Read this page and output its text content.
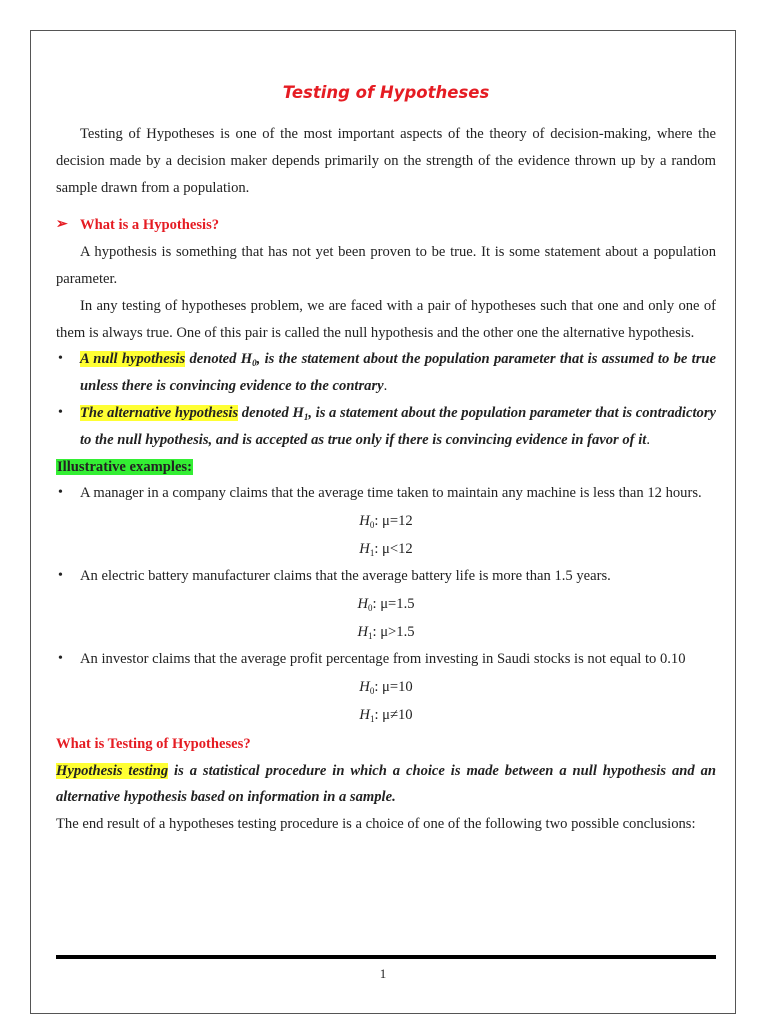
Testing of Hypotheses

Testing of Hypotheses is one of the most important aspects of the theory of decision-making, where the decision made by a decision maker depends primarily on the strength of the evidence thrown up by a random sample drawn from a population.

➢ What is a Hypothesis?

A hypothesis is something that has not yet been proven to be true. It is some statement about a population parameter.

In any testing of hypotheses problem, we are faced with a pair of hypotheses such that one and only one of them is always true. One of this pair is called the null hypothesis and the other one the alternative hypothesis.

• A null hypothesis denoted $H_0$, is the statement about the population parameter that is assumed to be true unless there is convincing evidence to the contrary.
• The alternative hypothesis denoted $H_1$, is a statement about the population parameter that is contradictory to the null hypothesis, and is accepted as true only if there is convincing evidence in favor of it.
Illustrative examples:
• A manager in a company claims that the average time taken to maintain any machine is less than 12 hours.
$H_0$: μ=12
$H_1$: μ<12
• An electric battery manufacturer claims that the average battery life is more than 1.5 years.
$H_0$: μ=1.5
$H_1$: μ>1.5
• An investor claims that the average profit percentage from investing in Saudi stocks is not equal to 0.10
$H_0$: μ=10
$H_1$: μ≠10
What is Testing of Hypotheses?

Hypothesis testing is a statistical procedure in which a choice is made between a null hypothesis and an alternative hypothesis based on information in a sample.

The end result of a hypotheses testing procedure is a choice of one of the following two possible conclusions:

1
